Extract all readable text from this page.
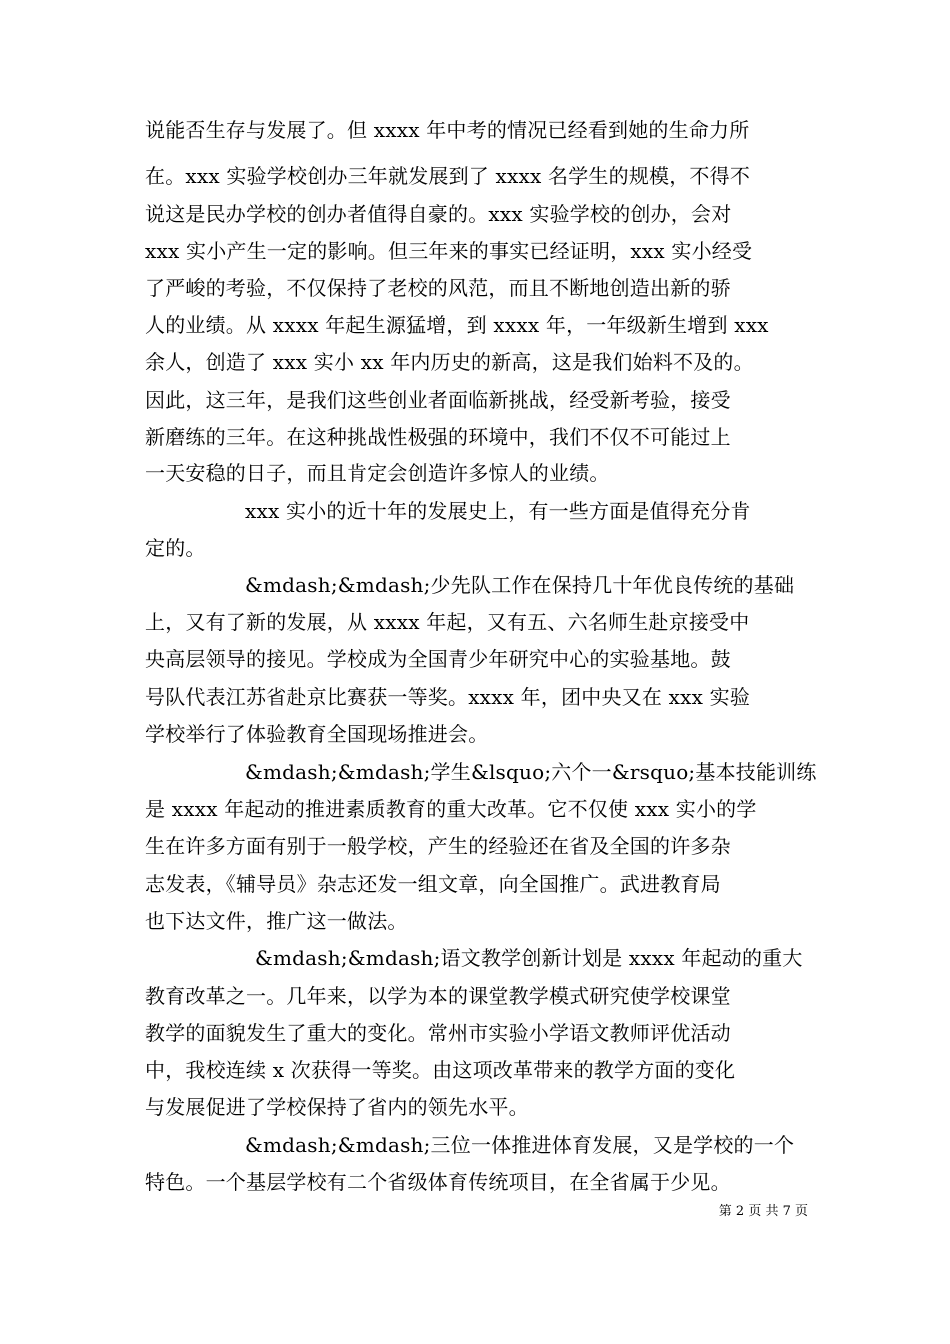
说能否生存与发展了。但 xxxx 年中考的情况已经看到她的生命力所
在。xxx 实验学校创办三年就发展到了 xxxx 名学生的规模，不得不
说这是民办学校的创办者值得自豪的。xxx 实验学校的创办，会对
xxx 实小产生一定的影响。但三年来的事实已经证明，xxx 实小经受
了严峻的考验，不仅保持了老校的风范，而且不断地创造出新的骄
人的业绩。从 xxxx 年起生源猛增，到 xxxx 年，一年级新生增到 xxx
余人，创造了 xxx 实小 xx 年内历史的新高，这是我们始料不及的。
因此，这三年，是我们这些创业者面临新挑战，经受新考验，接受
新磨练的三年。在这种挑战性极强的环境中，我们不仅不可能过上
一天安稳的日子，而且肯定会创造许多惊人的业绩。
xxx 实小的近十年的发展史上，有一些方面是值得充分肯
定的。
&mdash;&mdash;少先队工作在保持几十年优良传统的基础
上，又有了新的发展，从 xxxx 年起，又有五、六名师生赴京接受中
央高层领导的接见。学校成为全国青少年研究中心的实验基地。鼓
号队代表江苏省赴京比赛获一等奖。xxxx 年，团中央又在 xxx 实验
学校举行了体验教育全国现场推进会。
&mdash;&mdash;学生&lsquo;六个一&rsquo;基本技能训练
是 xxxx 年起动的推进素质教育的重大改革。它不仅使 xxx 实小的学
生在许多方面有别于一般学校，产生的经验还在省及全国的许多杂
志发表，《辅导员》杂志还发一组文章，向全国推广。武进教育局
也下达文件，推广这一做法。
&mdash;&mdash;语文教学创新计划是 xxxx 年起动的重大
教育改革之一。几年来，以学为本的课堂教学模式研究使学校课堂
教学的面貌发生了重大的变化。常州市实验小学语文教师评优活动
中，我校连续 x 次获得一等奖。由这项改革带来的教学方面的变化
与发展促进了学校保持了省内的领先水平。
&mdash;&mdash;三位一体推进体育发展，又是学校的一个
特色。一个基层学校有二个省级体育传统项目，在全省属于少见。
第 2 页 共 7 页
